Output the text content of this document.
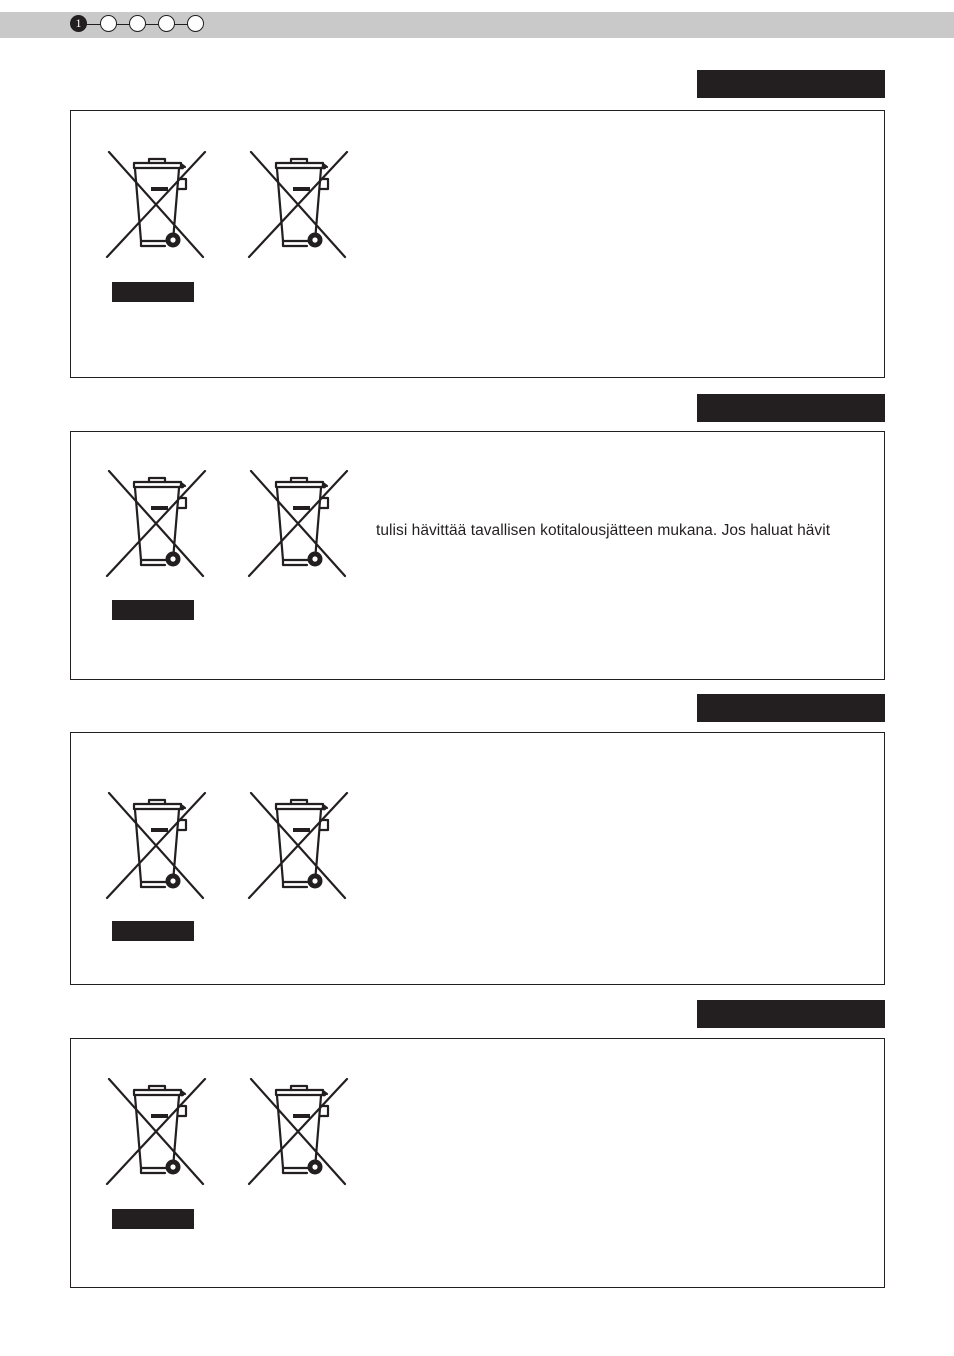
1
tulisi hävittää tavallisen kotitalousjätteen mukana. Jos haluat hävit
